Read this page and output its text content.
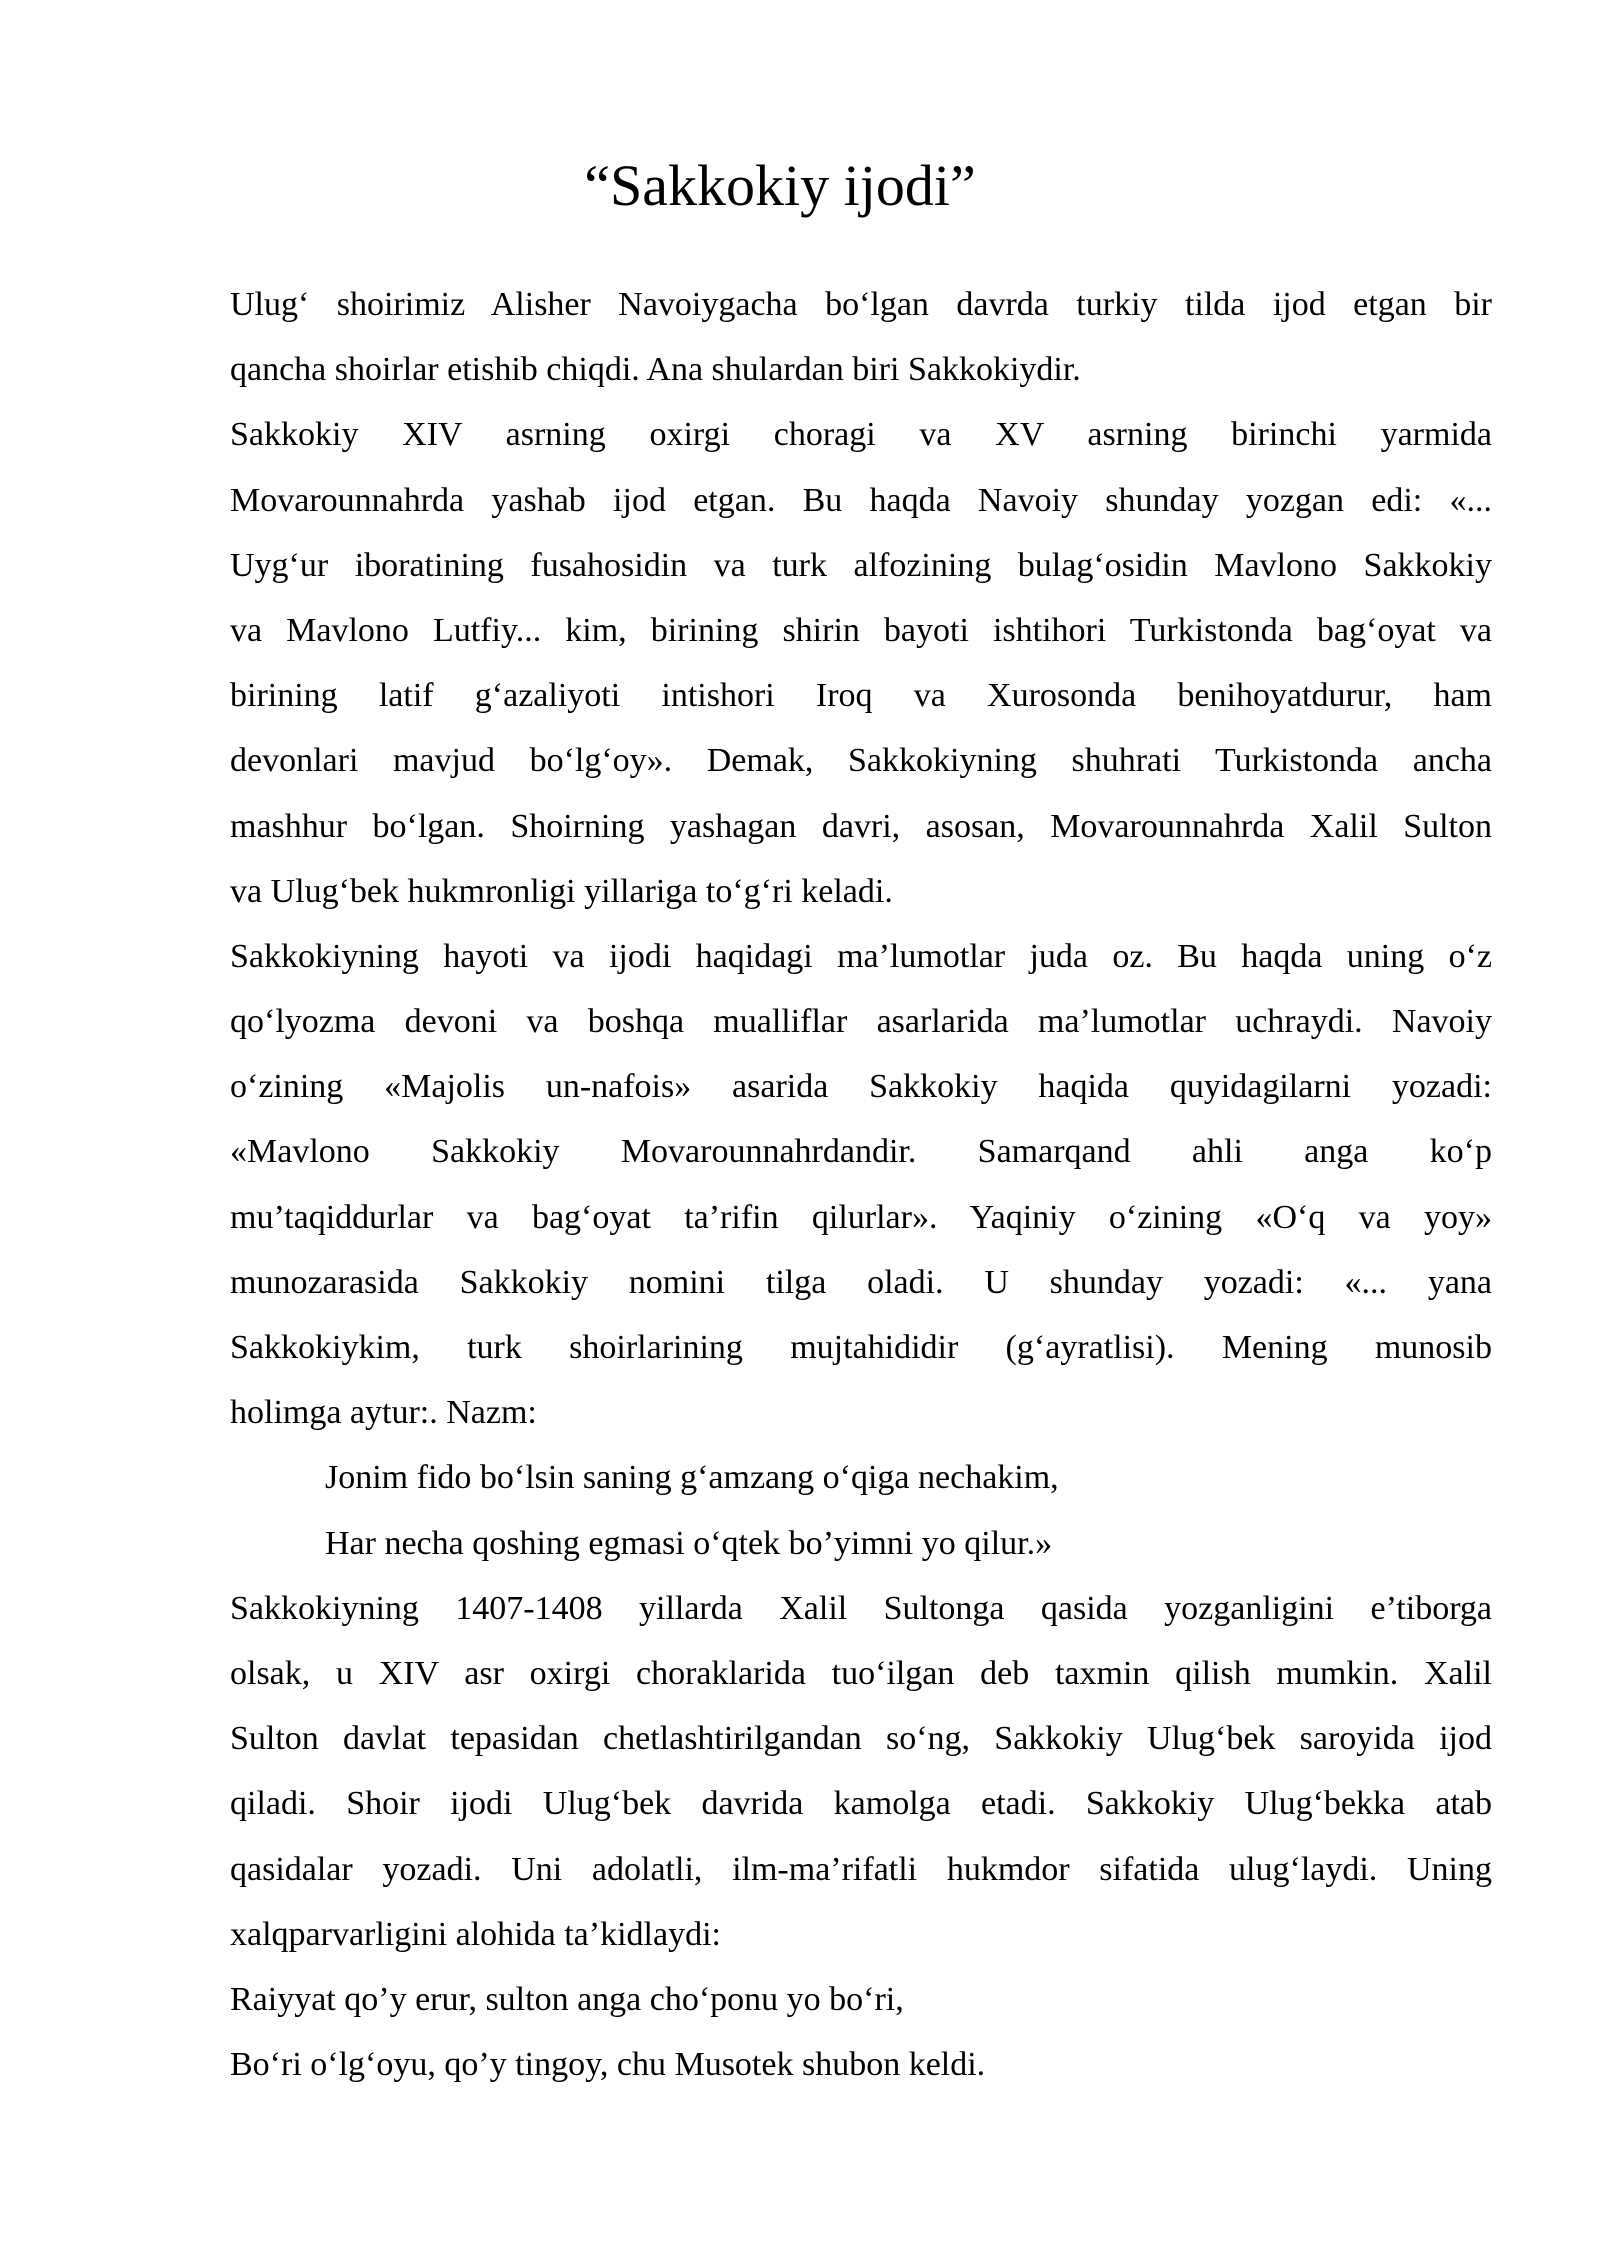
“Sakkokiy ijodi”
Ulug‘ shoirimiz Alisher Navoiygacha bo‘lgan davrda turkiy tilda ijod etgan bir
qancha shoirlar etishib chiqdi. Ana shulardan biri Sakkokiydir.
Sakkokiy XIV asrning oxirgi choragi va XV asrning birinchi yarmida
Movarounnahrda yashab ijod etgan. Bu haqda Navoiy shunday yozgan edi: «...
Uyg‘ur iboratining fusahosidin va turk alfozining bulag‘osidin Mavlono Sakkokiy
va Mavlono Lutfiy... kim, birining shirin bayoti ishtihori Turkistonda bag‘oyat va
birining latif g‘azaliyoti intishori Iroq va Xurosonda benihoyatdurur, ham
devonlari mavjud bo‘lg‘oy». Demak, Sakkokiyning shuhrati Turkistonda ancha
mashhur bo‘lgan. Shoirning yashagan davri, asosan, Movarounnahrda Xalil Sulton
va Ulug‘bek hukmronligi yillariga to‘g‘ri keladi.
Sakkokiyning hayoti va ijodi haqidagi ma’lumotlar juda oz. Bu haqda uning o‘z
qo‘lyozma devoni va boshqa mualliflar asarlarida ma’lumotlar uchraydi. Navoiy
o‘zining «Majolis un-nafois» asarida Sakkokiy haqida quyidagilarni yozadi:
«Mavlono Sakkokiy Movarounnahrdandir. Samarqand ahli anga ko‘p
mu’taqiddurlar va bag‘oyat ta’rifin qilurlar». Yaqiniy o‘zining «O‘q va yoy»
munozarasida Sakkokiy nomini tilga oladi. U shunday yozadi: «... yana
Sakkokiykim, turk shoirlarining mujtahididir (g‘ayratlisi). Mening munosib
holimga aytur:. Nazm:
Jonim fido bo‘lsin saning g‘amzang o‘qiga nechakim,
Har necha qoshing egmasi o‘qtek bo’yimni yo qilur.»
Sakkokiyning 1407-1408 yillarda Xalil Sultonga qasida yozganligini e’tiborga
olsak, u XIV asr oxirgi choraklarida tuo‘ilgan deb taxmin qilish mumkin. Xalil
Sulton davlat tepasidan chetlashtirilgandan so‘ng, Sakkokiy Ulug‘bek saroyida ijod
qiladi. Shoir ijodi Ulug‘bek davrida kamolga etadi. Sakkokiy Ulug‘bekka atab
qasidalar yozadi. Uni adolatli, ilm-ma’rifatli hukmdor sifatida ulug‘laydi. Uning
xalqparvarligini alohida ta’kidlaydi:
Raiyyat qo’y erur, sulton anga cho‘ponu yo bo‘ri,
Bo‘ri o‘lg‘oyu, qo’y tingoy, chu Musotek shubon keldi.
